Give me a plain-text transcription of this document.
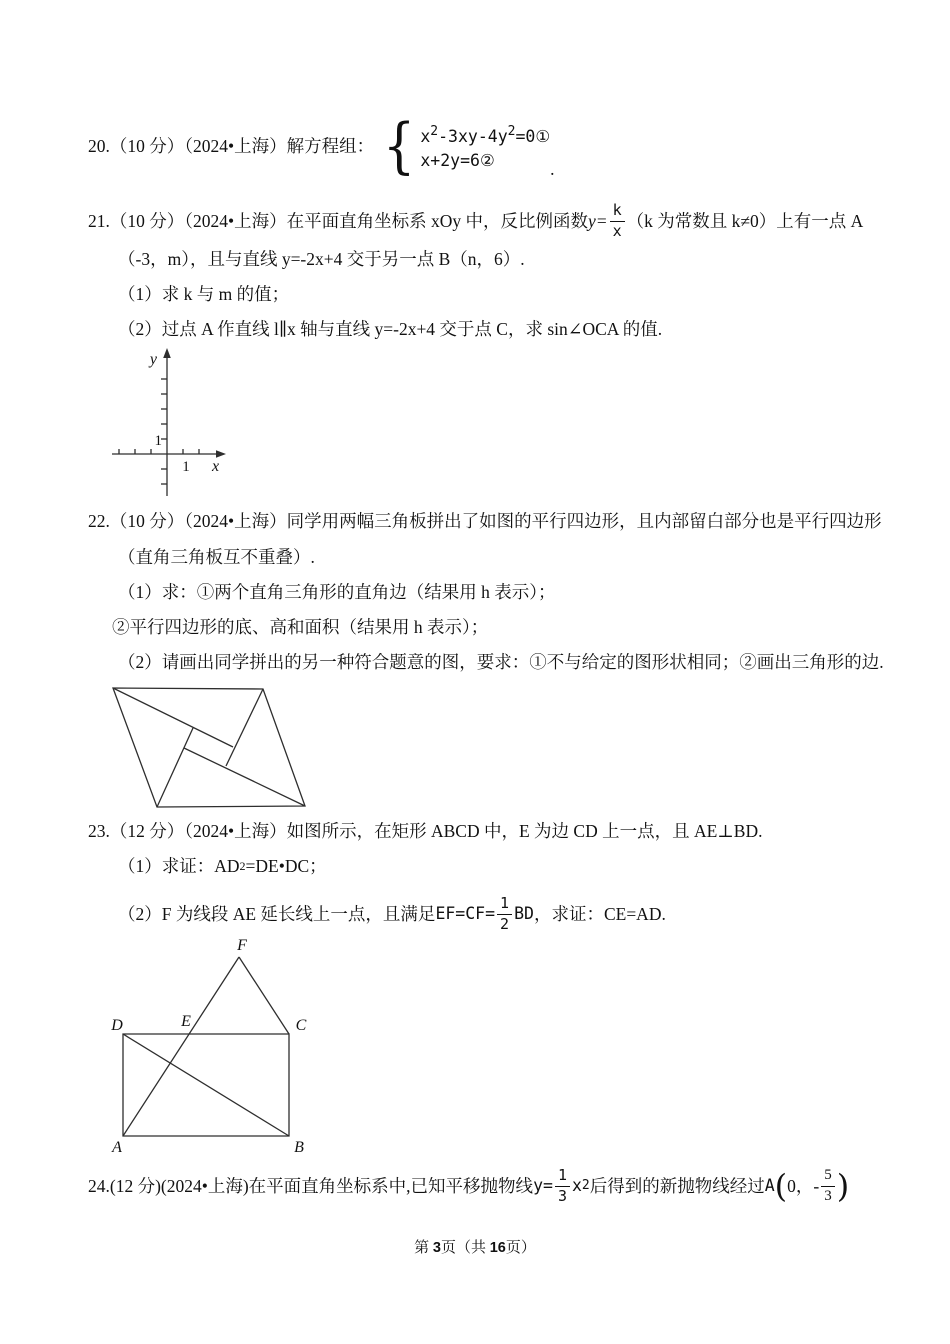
20. （10 分）（2024•上海）解方程组： { $x^2-3xy-4y^2=0①$
x+2y=6②	.
21. （10 分）（2024•上海）在平面直角坐标系 xOy 中，反比例函数 $y= \frac{k}{x} (k$ 为常数且 k≠0）上有一点 A
（-3，m），且与直线 y=-2x+4 交于另一点 B（n，6）.
（1）求 k 与 m 的值；
（2）过点 A 作直线 l∥x 轴与直线 y=-2x+4 交于点 C，求 sin∠OCA 的值.
y
x
1
1
22. （10 分）（2024•上海）同学用两幅三角板拼出了如图的平行四边形，且内部留白部分也是平行四边形
（直角三角板互不重叠）.
（1）求：①两个直角三角形的直角边（结果用 h 表示）；
②平行四边形的底、高和面积（结果用 h 表示）；
（2）请画出同学拼出的另一种符合题意的图，要求：①不与给定的图形状相同；②画出三角形的边.
23. （12 分）（2024•上海）如图所示，在矩形 ABCD 中，E 为边 CD 上一点，且 AE⊥BD.
（1）求证：AD 2 =DE•DC；
（2）F 为线段 AE 延长线上一点，且满足 $EF=CF= \frac{1}{2}$ BD ，求证：CE=AD.
F
D	E	C
A	B
24. (12 分)(2024•上海)在平面直角坐标系中,已知平移抛物线 $y= \frac{1}{3}$ x 2 后得到的新抛物线经过 A ( 0， - $\frac{5}{3}$ )
第 3页（共 16页）
